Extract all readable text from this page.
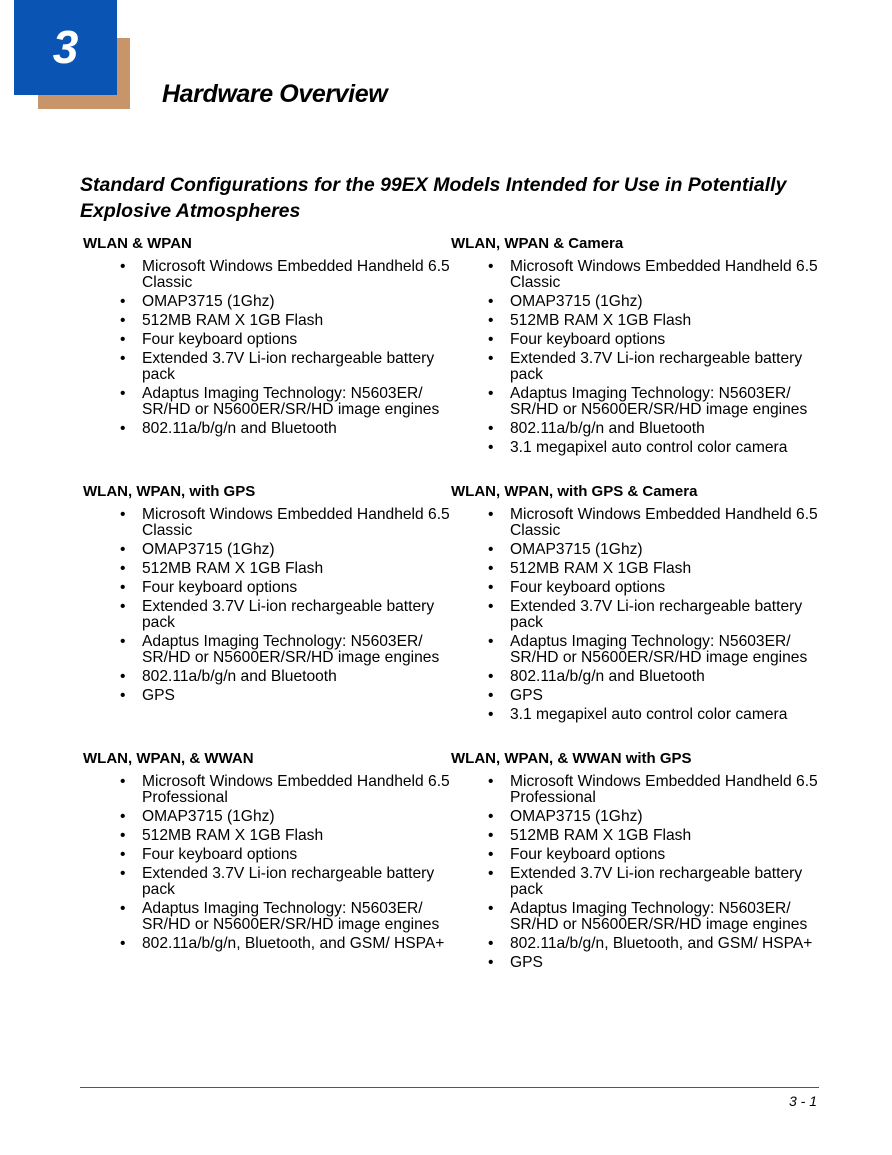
3
Hardware Overview
Standard Configurations for the 99EX Models Intended for Use in Potentially Explosive Atmospheres
WLAN & WPAN
• Microsoft Windows Embedded Handheld 6.5 Classic
• OMAP3715 (1Ghz)
• 512MB RAM X 1GB Flash
• Four keyboard options
• Extended 3.7V Li-ion rechargeable battery pack
• Adaptus Imaging Technology: N5603ER/ SR/HD or N5600ER/SR/HD image engines
• 802.11a/b/g/n and Bluetooth
WLAN, WPAN & Camera
• Microsoft Windows Embedded Handheld 6.5 Classic
• OMAP3715 (1Ghz)
• 512MB RAM X 1GB Flash
• Four keyboard options
• Extended 3.7V Li-ion rechargeable battery pack
• Adaptus Imaging Technology: N5603ER/ SR/HD or N5600ER/SR/HD image engines
• 802.11a/b/g/n and Bluetooth
• 3.1 megapixel auto control color camera
WLAN, WPAN, with GPS
• Microsoft Windows Embedded Handheld 6.5 Classic
• OMAP3715 (1Ghz)
• 512MB RAM X 1GB Flash
• Four keyboard options
• Extended 3.7V Li-ion rechargeable battery pack
• Adaptus Imaging Technology: N5603ER/ SR/HD or N5600ER/SR/HD image engines
• 802.11a/b/g/n and Bluetooth
• GPS
WLAN, WPAN, with GPS & Camera
• Microsoft Windows Embedded Handheld 6.5 Classic
• OMAP3715 (1Ghz)
• 512MB RAM X 1GB Flash
• Four keyboard options
• Extended 3.7V Li-ion rechargeable battery pack
• Adaptus Imaging Technology: N5603ER/ SR/HD or N5600ER/SR/HD image engines
• 802.11a/b/g/n and Bluetooth
• GPS
• 3.1 megapixel auto control color camera
WLAN, WPAN, & WWAN
• Microsoft Windows Embedded Handheld 6.5 Professional
• OMAP3715 (1Ghz)
• 512MB RAM X 1GB Flash
• Four keyboard options
• Extended 3.7V Li-ion rechargeable battery pack
• Adaptus Imaging Technology: N5603ER/ SR/HD or N5600ER/SR/HD image engines
• 802.11a/b/g/n, Bluetooth, and GSM/ HSPA+
WLAN, WPAN, & WWAN with GPS
• Microsoft Windows Embedded Handheld 6.5 Professional
• OMAP3715 (1Ghz)
• 512MB RAM X 1GB Flash
• Four keyboard options
• Extended 3.7V Li-ion rechargeable battery pack
• Adaptus Imaging Technology: N5603ER/ SR/HD or N5600ER/SR/HD image engines
• 802.11a/b/g/n, Bluetooth, and GSM/ HSPA+
• GPS
3 - 1
